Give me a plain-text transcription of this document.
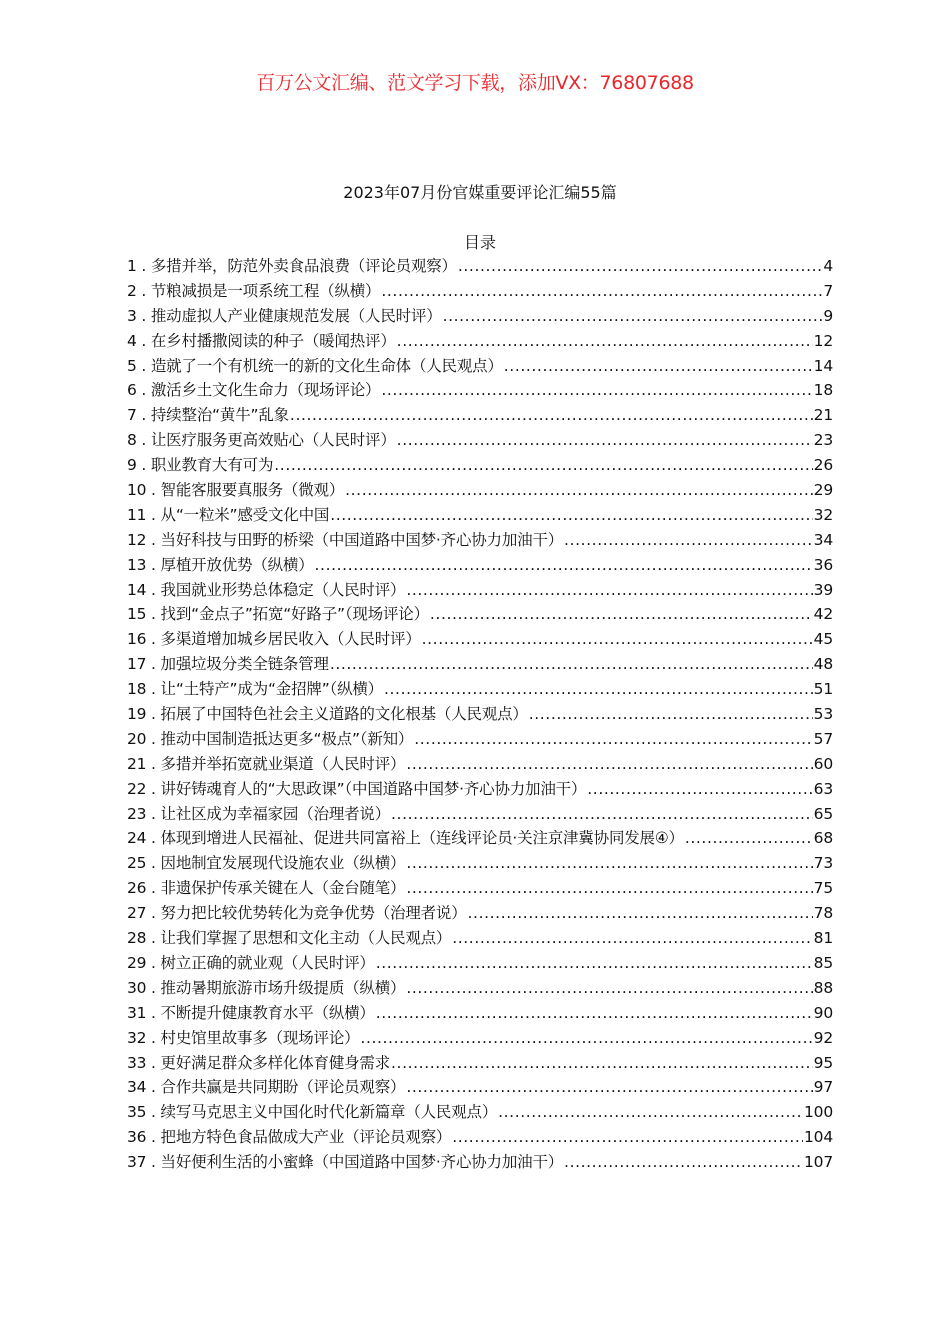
百万公文汇编、范文学习下载，添加VX：76807688
2023年07月份官媒重要评论汇编55篇
目录
1 . 多措并举，防范外卖食品浪费（评论员观察） .....	4
2 . 节粮减损是一项系统工程（纵横） .....	7
3 . 推动虚拟人产业健康规范发展（人民时评） .....	9
4 . 在乡村播撒阅读的种子（暖闻热评） .....	12
5 . 造就了一个有机统一的新的文化生命体（人民观点） .....	14
6 . 激活乡土文化生命力（现场评论） .....	18
7 . 持续整治“黄牛”乱象 .....	21
8 . 让医疗服务更高效贴心（人民时评） .....	23
9 . 职业教育大有可为 .....	26
10 . 智能客服要真服务（微观） .....	29
11 . 从“一粒米”感受文化中国 .....	32
12 . 当好科技与田野的桥梁（中国道路中国梦·齐心协力加油干） .....	34
13 . 厚植开放优势（纵横） .....	36
14 . 我国就业形势总体稳定（人民时评） .....	39
15 . 找到“金点子”拓宽“好路子”（现场评论） .....	42
16 . 多渠道增加城乡居民收入（人民时评） .....	45
17 . 加强垃圾分类全链条管理 .....	48
18 . 让“土特产”成为“金招牌”（纵横） .....	51
19 . 拓展了中国特色社会主义道路的文化根基（人民观点） .....	53
20 . 推动中国制造抵达更多“极点”（新知） .....	57
21 . 多措并举拓宽就业渠道（人民时评） .....	60
22 . 讲好铸魂育人的“大思政课”（中国道路中国梦·齐心协力加油干） .....	63
23 . 让社区成为幸福家园（治理者说） .....	65
24 . 体现到增进人民福祉、促进共同富裕上（连线评论员·关注京津冀协同发展④） .....	68
25 . 因地制宜发展现代设施农业（纵横） .....	73
26 . 非遗保护传承关键在人（金台随笔） .....	75
27 . 努力把比较优势转化为竞争优势（治理者说） .....	78
28 . 让我们掌握了思想和文化主动（人民观点） .....	81
29 . 树立正确的就业观（人民时评） .....	85
30 . 推动暑期旅游市场升级提质（纵横） .....	88
31 . 不断提升健康教育水平（纵横） .....	90
32 . 村史馆里故事多（现场评论） .....	92
33 . 更好满足群众多样化体育健身需求 .....	95
34 . 合作共赢是共同期盼（评论员观察） .....	97
35 . 续写马克思主义中国化时代化新篇章（人民观点） .....	100
36 . 把地方特色食品做成大产业（评论员观察） .....	104
37 . 当好便利生活的小蜜蜂（中国道路中国梦·齐心协力加油干） .....	107
